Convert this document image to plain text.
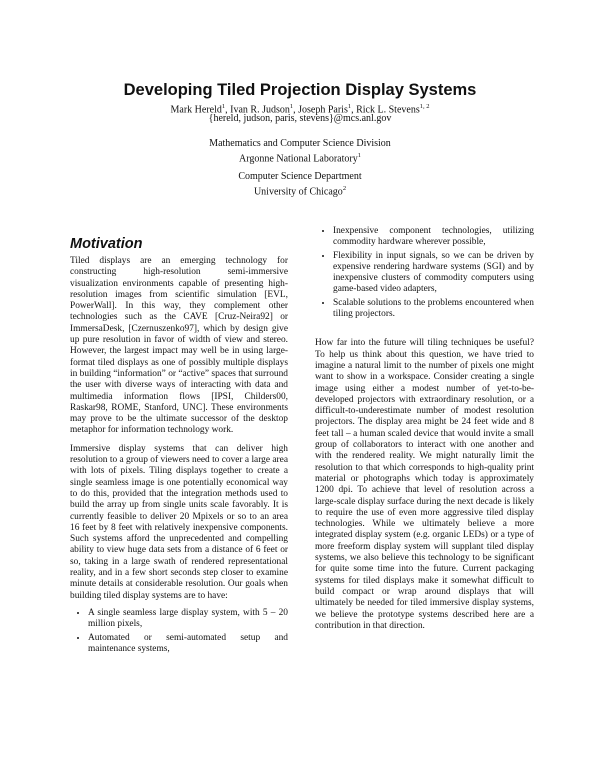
Developing Tiled Projection Display Systems
Mark Hereld$^1$, Ivan R. Judson$^1$, Joseph Paris$^1$, Rick L. Stevens$^{1, 2}$
{hereld, judson, paris, stevens}@mcs.anl.gov
Mathematics and Computer Science Division
Argonne National Laboratory$^1$
Computer Science Department
University of Chicago$^2$
Motivation

Tiled displays are an emerging technology for constructing high-resolution semi-immersive visualization environments capable of presenting high-resolution images from scientific simulation [EVL, PowerWall]. In this way, they complement other technologies such as the CAVE [Cruz-Neira92] or ImmersaDesk, [Czernuszenko97], which by design give up pure resolution in favor of width of view and stereo. However, the largest impact may well be in using large-format tiled displays as one of possibly multiple displays in building “information” or “active” spaces that surround the user with diverse ways of interacting with data and multimedia information flows [IPSI, Childers00, Raskar98, ROME, Stanford, UNC]. These environments may prove to be the ultimate successor of the desktop metaphor for information technology work.

Immersive display systems that can deliver high resolution to a group of viewers need to cover a large area with lots of pixels. Tiling displays together to create a single seamless image is one potentially economical way to do this, provided that the integration methods used to build the array up from single units scale favorably. It is currently feasible to deliver 20 Mpixels or so to an area 16 feet by 8 feet with relatively inexpensive components. Such systems afford the unprecedented and compelling ability to view huge data sets from a distance of 6 feet or so, taking in a large swath of rendered representational reality, and in a few short seconds step closer to examine minute details at considerable resolution. Our goals when building tiled display systems are to have:

• A single seamless large display system, with 5 – 20 million pixels,
• Automated or semi-automated setup and maintenance systems,
• Inexpensive component technologies, utilizing commodity hardware wherever possible,
• Flexibility in input signals, so we can be driven by expensive rendering hardware systems (SGI) and by inexpensive clusters of commodity computers using game-based video adapters,
• Scalable solutions to the problems encountered when tiling projectors.

How far into the future will tiling techniques be useful? To help us think about this question, we have tried to imagine a natural limit to the number of pixels one might want to show in a workspace. Consider creating a single image using either a modest number of yet-to-be-developed projectors with extraordinary resolution, or a difficult-to-underestimate number of modest resolution projectors. The display area might be 24 feet wide and 8 feet tall – a human scaled device that would invite a small group of collaborators to interact with one another and with the rendered reality. We might naturally limit the resolution to that which corresponds to high-quality print material or photographs which today is approximately 1200 dpi. To achieve that level of resolution across a large-scale display surface during the next decade is likely to require the use of even more aggressive tiled display technologies. While we ultimately believe a more integrated display system (e.g. organic LEDs) or a type of more freeform display system will supplant tiled display systems, we also believe this technology to be significant for quite some time into the future. Current packaging systems for tiled displays make it somewhat difficult to build compact or wrap around displays that will ultimately be needed for tiled immersive display systems, we believe the prototype systems described here are a contribution in that direction.
